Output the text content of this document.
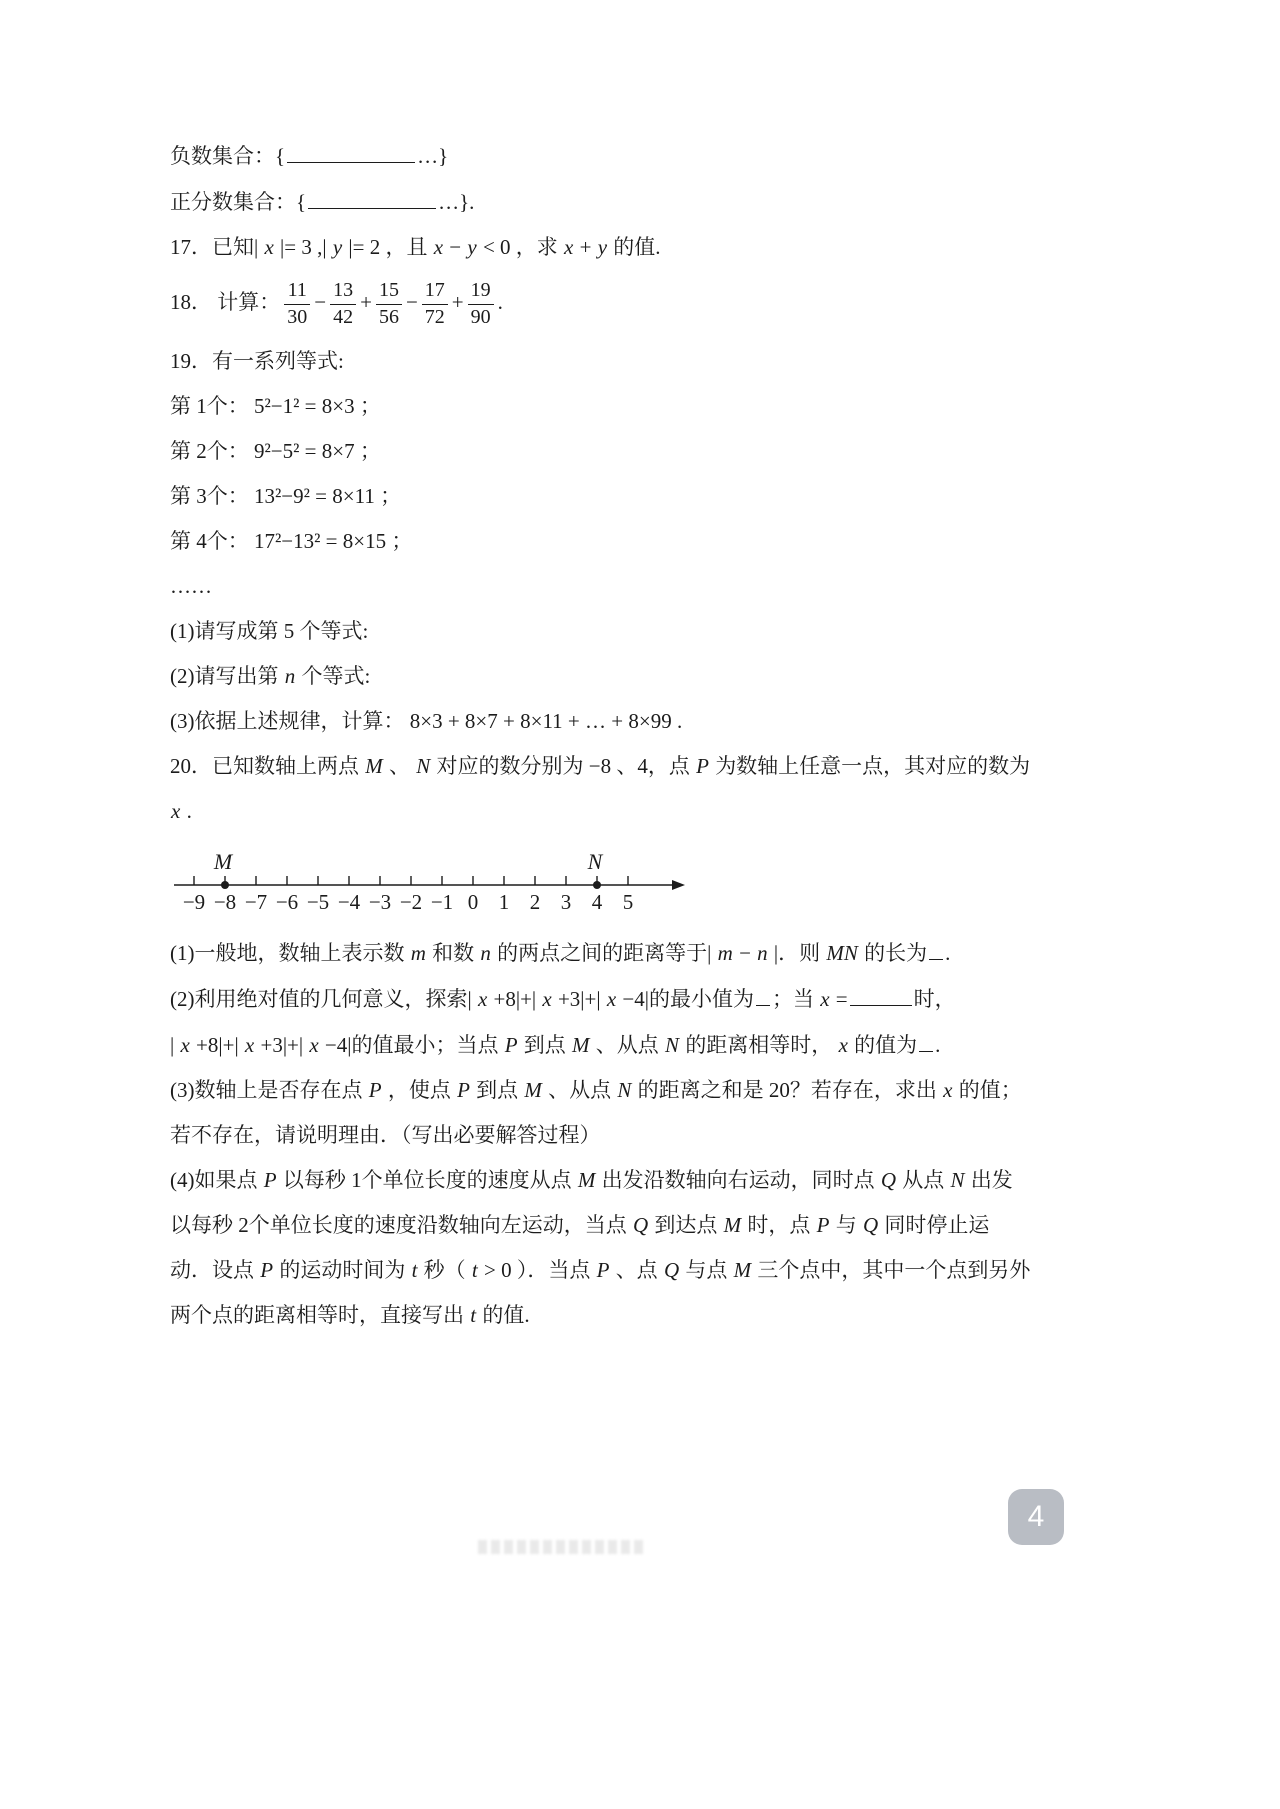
负数集合：{	…}
正分数集合：{	…}.
17．已知| x |= 3 ,| y |= 2 ，且 x − y < 0 ，求 x + y 的值.
18． 计算： $\frac{11}{30} - \frac{13}{42} + \frac{15}{56} - \frac{17}{72} + \frac{19}{90}$ .
19．有一系列等式:
第 1个： 5²−1² = 8×3 ；
第 2个： 9²−5² = 8×7 ；
第 3个： 13²−9² = 8×11 ；
第 4个： 17²−13² = 8×15 ；
……
(1)请写成第 5 个等式:
(2)请写出第 n 个等式:
(3)依据上述规律，计算： 8×3 + 8×7 + 8×11 + … + 8×99 .
20．已知数轴上两点 M 、 N 对应的数分别为 −8 、4，点 P 为数轴上任意一点，其对应的数为
x .
−9 −8 −7 −6 −5 −4 −3 −2 −1 0 1 2 3 4 5
M	N
(1)一般地，数轴上表示数 m 和数 n 的两点之间的距离等于| m − n |．则 MN 的长为 .
(2)利用绝对值的几何意义，探索| x +8|+| x +3|+| x −4|的最小值为 ；当 x =	时，
| x +8|+| x +3|+| x −4|的值最小；当点 P 到点 M 、从点 N 的距离相等时， x 的值为 .
(3)数轴上是否存在点 P ，使点 P 到点 M 、从点 N 的距离之和是 20？若存在，求出 x 的值；
若不存在，请说明理由．（写出必要解答过程）
(4)如果点 P 以每秒 1个单位长度的速度从点 M 出发沿数轴向右运动，同时点 Q 从点 N 出发
以每秒 2个单位长度的速度沿数轴向左运动，当点 Q 到达点 M 时，点 P 与 Q 同时停止运
动．设点 P 的运动时间为 t 秒（ t > 0 ）．当点 P 、点 Q 与点 M 三个点中，其中一个点到另外
两个点的距离相等时，直接写出 t 的值.
4
